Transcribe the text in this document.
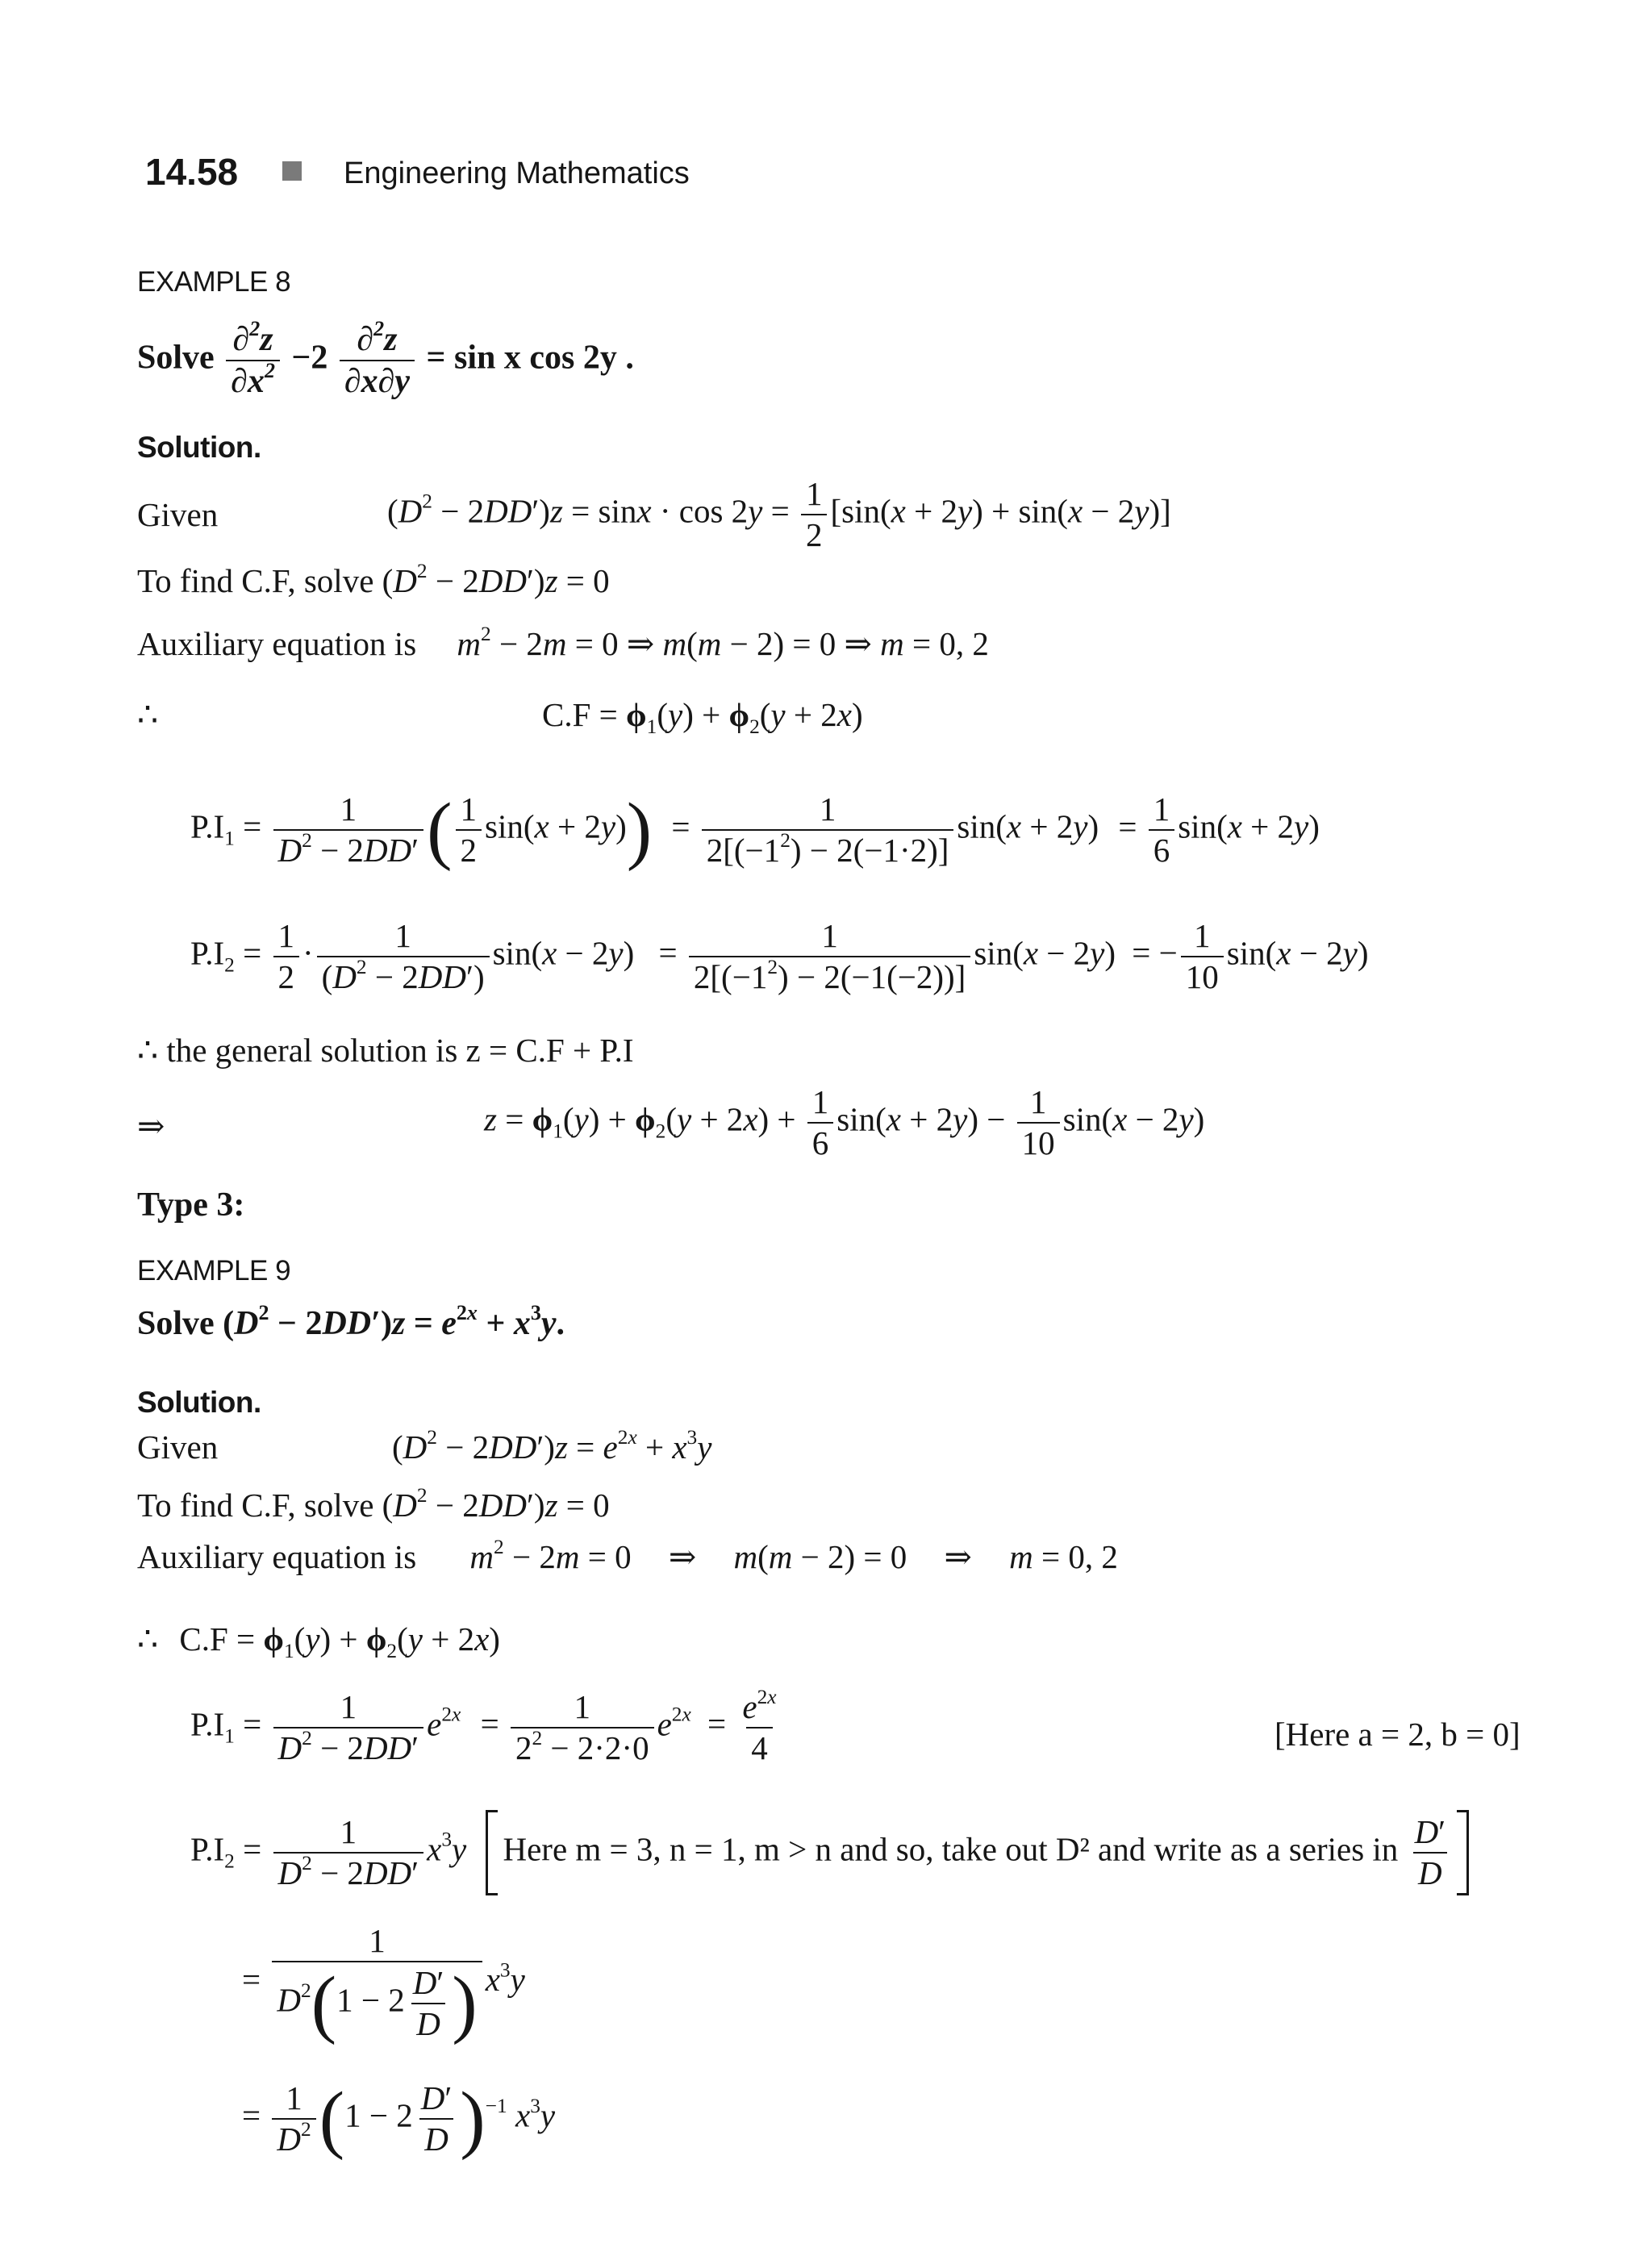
14.58	Engineering Mathematics
EXAMPLE 8
Solve $\frac{\partial^2z}{\partial x^2} -2 \frac{\partial^2z}{\partial x\partial y} = \sin x$ cos 2y .
Solution.
Given	$(D^2 - 2DD')z = \sin x \cdot \cos 2y = \frac{1}{2} [\sin(x + 2y) + \sin(x - 2y)]$
To find C.F, solve $(D^2 - 2DD')z = 0$
Auxiliary equation is $m^2 - 2m = 0$ ⇒ m(m − 2) = 0 ⇒ m = 0, 2
∴	$C.F = \phi_1(y) + \phi_2(y + 2x)$
$P.I_1 = \frac{1}{D^2 - 2DD'}$ ( $\frac{1}{2} \sin(x + 2y)) = \frac{1}{2[(-1^2) - 2(-1\cdot 2)]} \sin(x + 2y) = \frac{1}{6} \sin(x + 2y)$
$P.I_2 = \frac{1}{2} \cdot \frac{1}{(D^2 - 2DD')} \sin(x - 2y) = \frac{1}{2[(-1^2) - 2(-1(-2))]} \sin(x - 2y)$ = − $\frac{1}{10} \sin(x - 2y)$
∴ the general solution is z = C.F + P.I
⇒	$z = \phi_1(y) + \phi_2(y + 2x) + \frac{1}{6} \sin(x + 2y) - \frac{1}{10} \sin(x - 2y)$
Type 3:
EXAMPLE 9
Solve $(D^2 - 2DD')z = e^{2x} + x^3y$.
Solution.
Given	$(D^2 - 2DD')z = e^{2x} + x^3y$
To find C.F, solve $(D^2 - 2DD')z = 0$
Auxiliary equation is $m^2 - 2m = 0$ ⇒ m(m − 2) = 0 ⇒ m = 0, 2
∴ $C.F = \phi_1(y) + \phi_2(y + 2x)$
$P.I_1 = \frac{1}{D^2 - 2DD'} e^{2x} = \frac{1}{2^2 - 2\cdot 2\cdot 0} e^{2x} = \frac{e^{2x}}{4}$	[Here a = 2, b = 0]
$P.I_2 = \frac{1}{D^2 - 2DD'} x^3y$ Here m = 3, n = 1, m > n and so, take out D² and write as a series in $\frac{D'}{D}$
= $\frac{1}{D^2(1 - 2 \frac{D'}{D} )} x^3y$
= $\frac{1}{D^2} (1 - 2 \frac{D'}{D} )^{-1}$ $x^3y$
